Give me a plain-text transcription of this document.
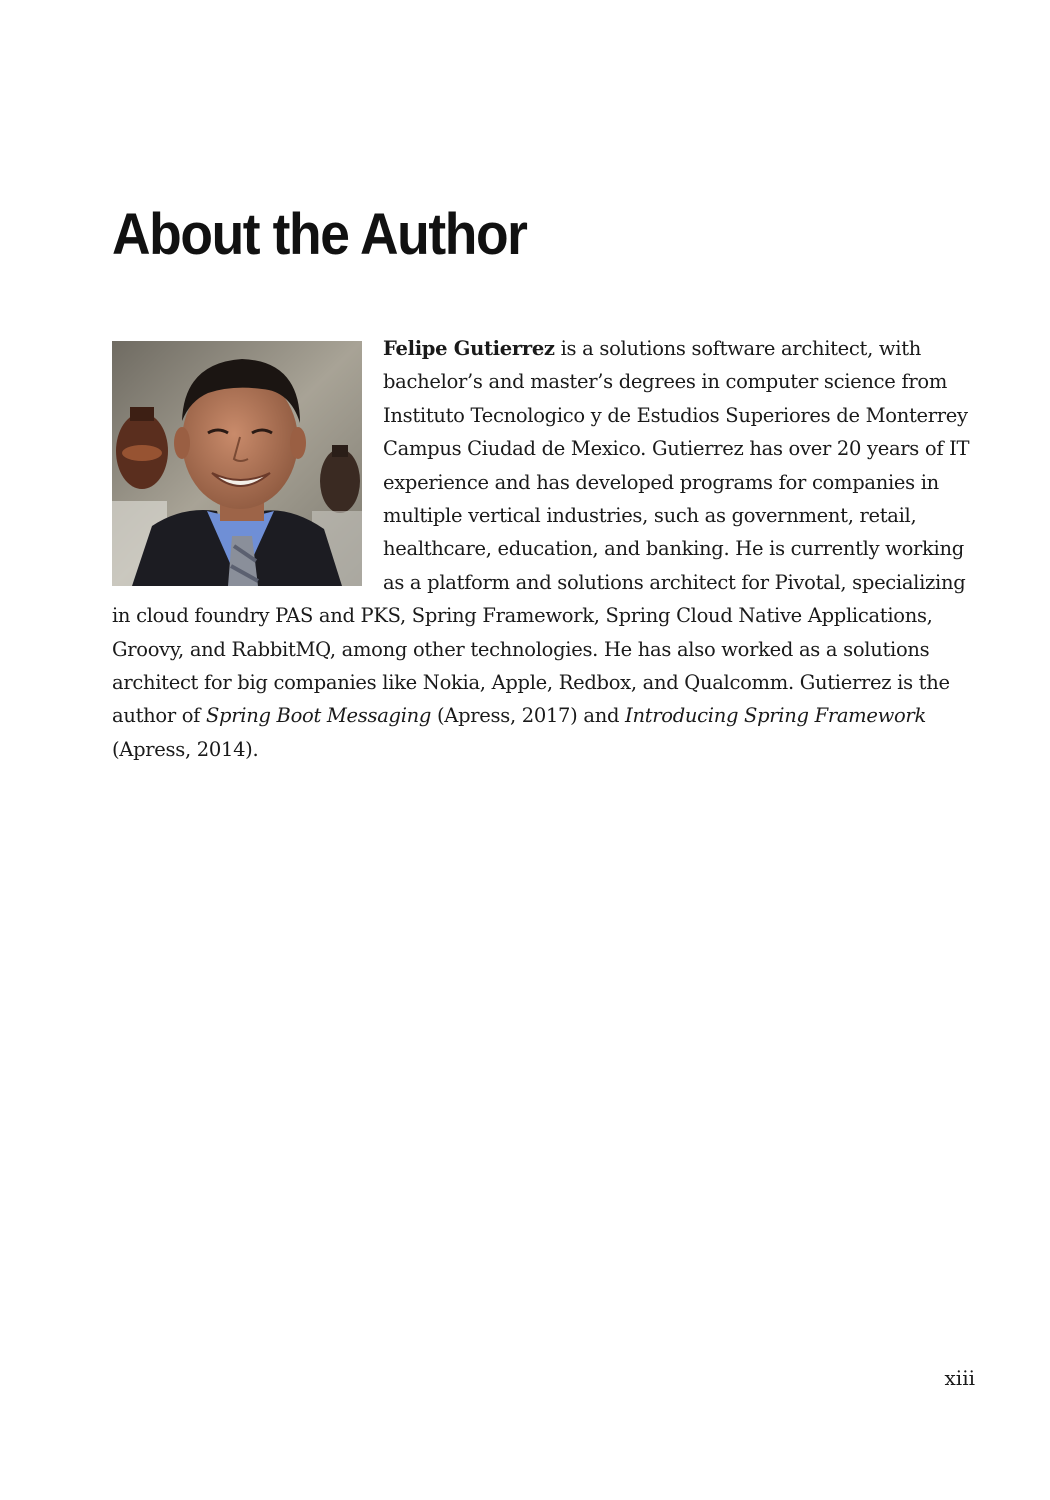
About the Author

Felipe Gutierrez is a solutions software architect, with bachelor’s and master’s degrees in computer science from Instituto Tecnologico y de Estudios Superiores de Monterrey Campus Ciudad de Mexico. Gutierrez has over 20 years of IT experience and has developed programs for companies in multiple vertical industries, such as government, retail, healthcare, education, and banking. He is currently working as a platform and solutions architect for Pivotal, specializing in cloud foundry PAS and PKS, Spring Framework, Spring Cloud Native Applications, Groovy, and RabbitMQ, among other technologies. He has also worked as a solutions architect for big companies like Nokia, Apple, Redbox, and Qualcomm. Gutierrez is the author of Spring Boot Messaging (Apress, 2017) and Introducing Spring Framework (Apress, 2014).

xiii
